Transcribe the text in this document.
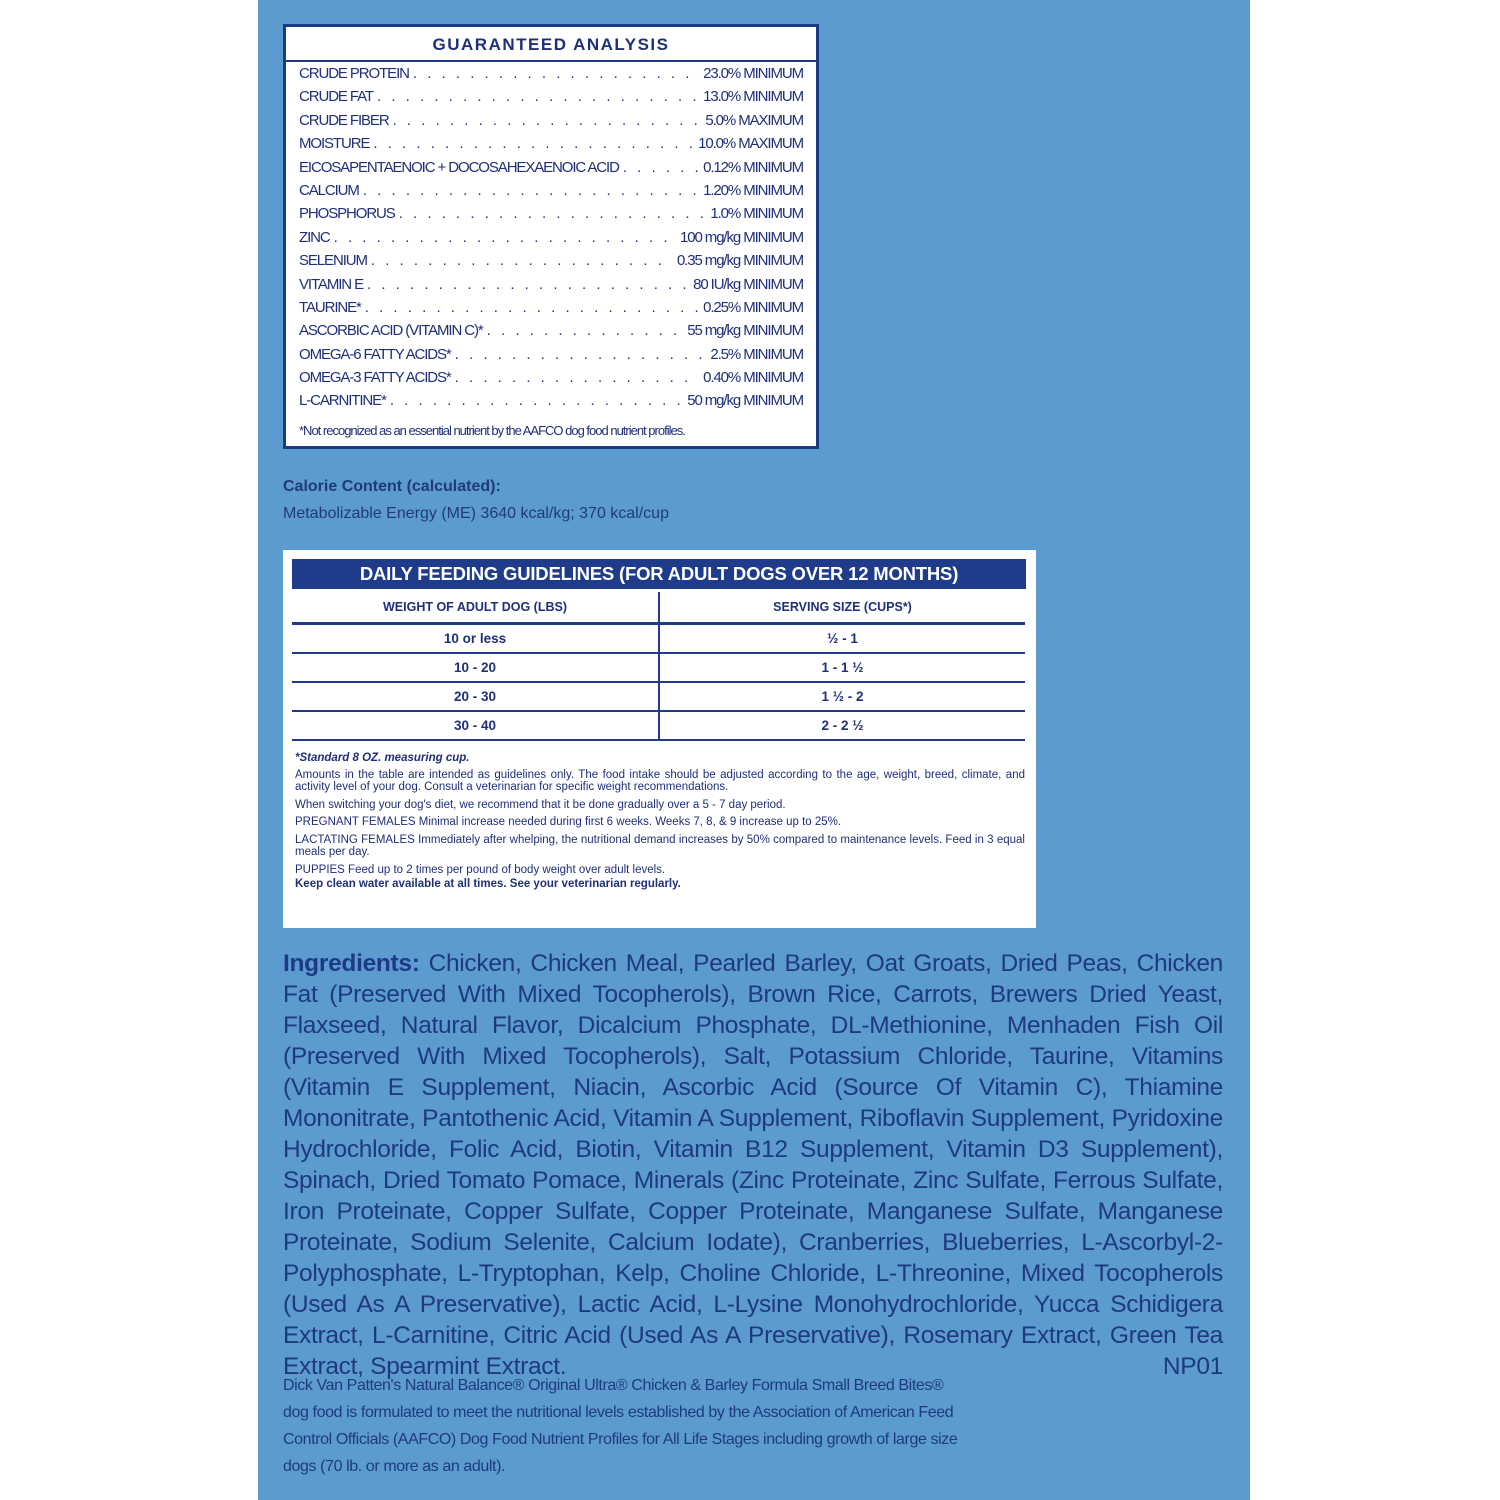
GUARANTEED ANALYSIS
CRUDE PROTEIN . . .	23.0% MINIMUM
CRUDE FAT . . .	13.0% MINIMUM
CRUDE FIBER . . .	5.0% MAXIMUM
MOISTURE . . .	10.0% MAXIMUM
EICOSAPENTAENOIC + DOCOSAHEXAENOIC ACID . . .	0.12% MINIMUM
CALCIUM . . .	1.20% MINIMUM
PHOSPHORUS . . .	1.0% MINIMUM
ZINC . . .	100 mg/kg MINIMUM
SELENIUM . . .	0.35 mg/kg MINIMUM
VITAMIN E . . .	80 IU/kg MINIMUM
TAURINE* . . .	0.25% MINIMUM
ASCORBIC ACID (VITAMIN C)* . . .	55 mg/kg MINIMUM
OMEGA-6 FATTY ACIDS* . . .	2.5% MINIMUM
OMEGA-3 FATTY ACIDS* . . .	0.40% MINIMUM
L-CARNITINE* . . .	50 mg/kg MINIMUM
*Not recognized as an essential nutrient by the AAFCO dog food nutrient profiles.
Calorie Content (calculated):
Metabolizable Energy (ME) 3640 kcal/kg; 370 kcal/cup
DAILY FEEDING GUIDELINES (FOR ADULT DOGS OVER 12 MONTHS)
WEIGHT OF ADULT DOG (LBS)	SERVING SIZE (CUPS*)
10 or less	½ - 1
10 - 20	1 - 1 ½
20 - 30	1 ½ - 2
30 - 40	2 - 2 ½

*Standard 8 OZ. measuring cup.

Amounts in the table are intended as guidelines only. The food intake should be adjusted according to the age, weight, breed, climate, and activity level of your dog. Consult a veterinarian for specific weight recommendations.

When switching your dog's diet, we recommend that it be done gradually over a 5 - 7 day period.

PREGNANT FEMALES Minimal increase needed during first 6 weeks. Weeks 7, 8, & 9 increase up to 25%.

LACTATING FEMALES Immediately after whelping, the nutritional demand increases by 50% compared to maintenance levels. Feed in 3 equal meals per day.

PUPPIES Feed up to 2 times per pound of body weight over adult levels.

Keep clean water available at all times. See your veterinarian regularly.

Ingredients: Chicken, Chicken Meal, Pearled Barley, Oat Groats, Dried Peas, Chicken Fat (Preserved With Mixed Tocopherols), Brown Rice, Carrots, Brewers Dried Yeast, Flaxseed, Natural Flavor, Dicalcium Phosphate, DL-Methionine, Menhaden Fish Oil (Preserved With Mixed Tocopherols), Salt, Potassium Chloride, Taurine, Vitamins (Vitamin E Supplement, Niacin, Ascorbic Acid (Source Of Vitamin C), Thiamine Mononitrate, Pantothenic Acid, Vitamin A Supplement, Riboflavin Supplement, Pyridoxine Hydrochloride, Folic Acid, Biotin, Vitamin B12 Supplement, Vitamin D3 Supplement), Spinach, Dried Tomato Pomace, Minerals (Zinc Proteinate, Zinc Sulfate, Ferrous Sulfate, Iron Proteinate, Copper Sulfate, Copper Proteinate, Manganese Sulfate, Manganese Proteinate, Sodium Selenite, Calcium Iodate), Cranberries, Blueberries, L-Ascorbyl-2-Polyphosphate, L-Tryptophan, Kelp, Choline Chloride, L-Threonine, Mixed Tocopherols (Used As A Preservative), Lactic Acid, L-Lysine Monohydrochloride, Yucca Schidigera Extract, L-Carnitine, Citric Acid (Used As A Preservative), Rosemary Extract, Green Tea Extract, Spearmint Extract.	NP01
Dick Van Patten's Natural Balance® Original Ultra® Chicken & Barley Formula Small Breed Bites® dog food is formulated to meet the nutritional levels established by the Association of American Feed Control Officials (AAFCO) Dog Food Nutrient Profiles for All Life Stages including growth of large size dogs (70 lb. or more as an adult).
